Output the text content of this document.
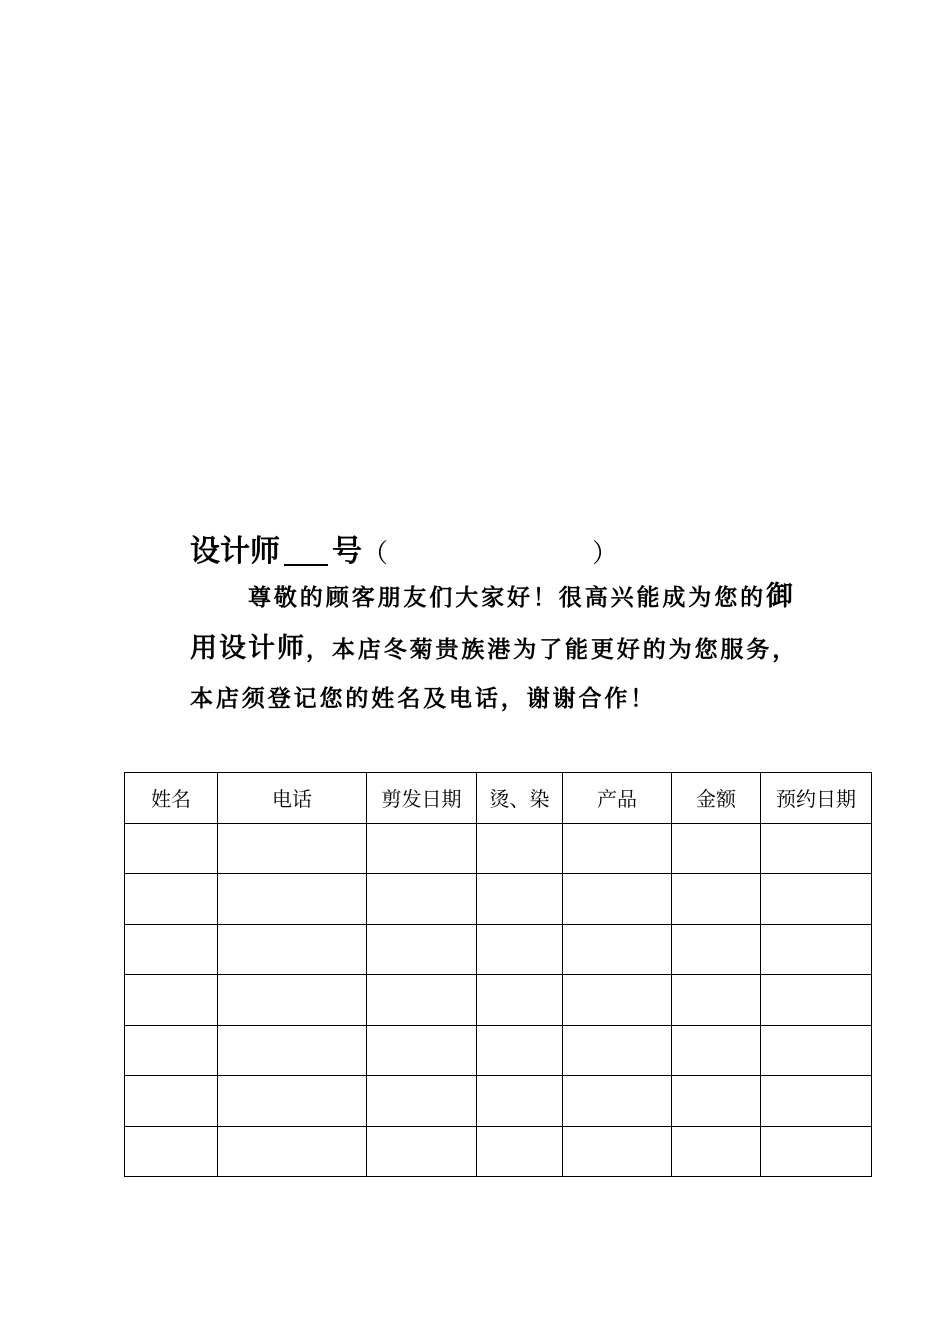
设计师 号 （	）

尊敬的顾客朋友们大家好！很高兴能成为您的御用设计师，本店冬菊贵族港为了能更好的为您服务，本店须登记您的姓名及电话，谢谢合作！

姓名	电话	剪发日期	烫、染	产品	金额	预约日期
